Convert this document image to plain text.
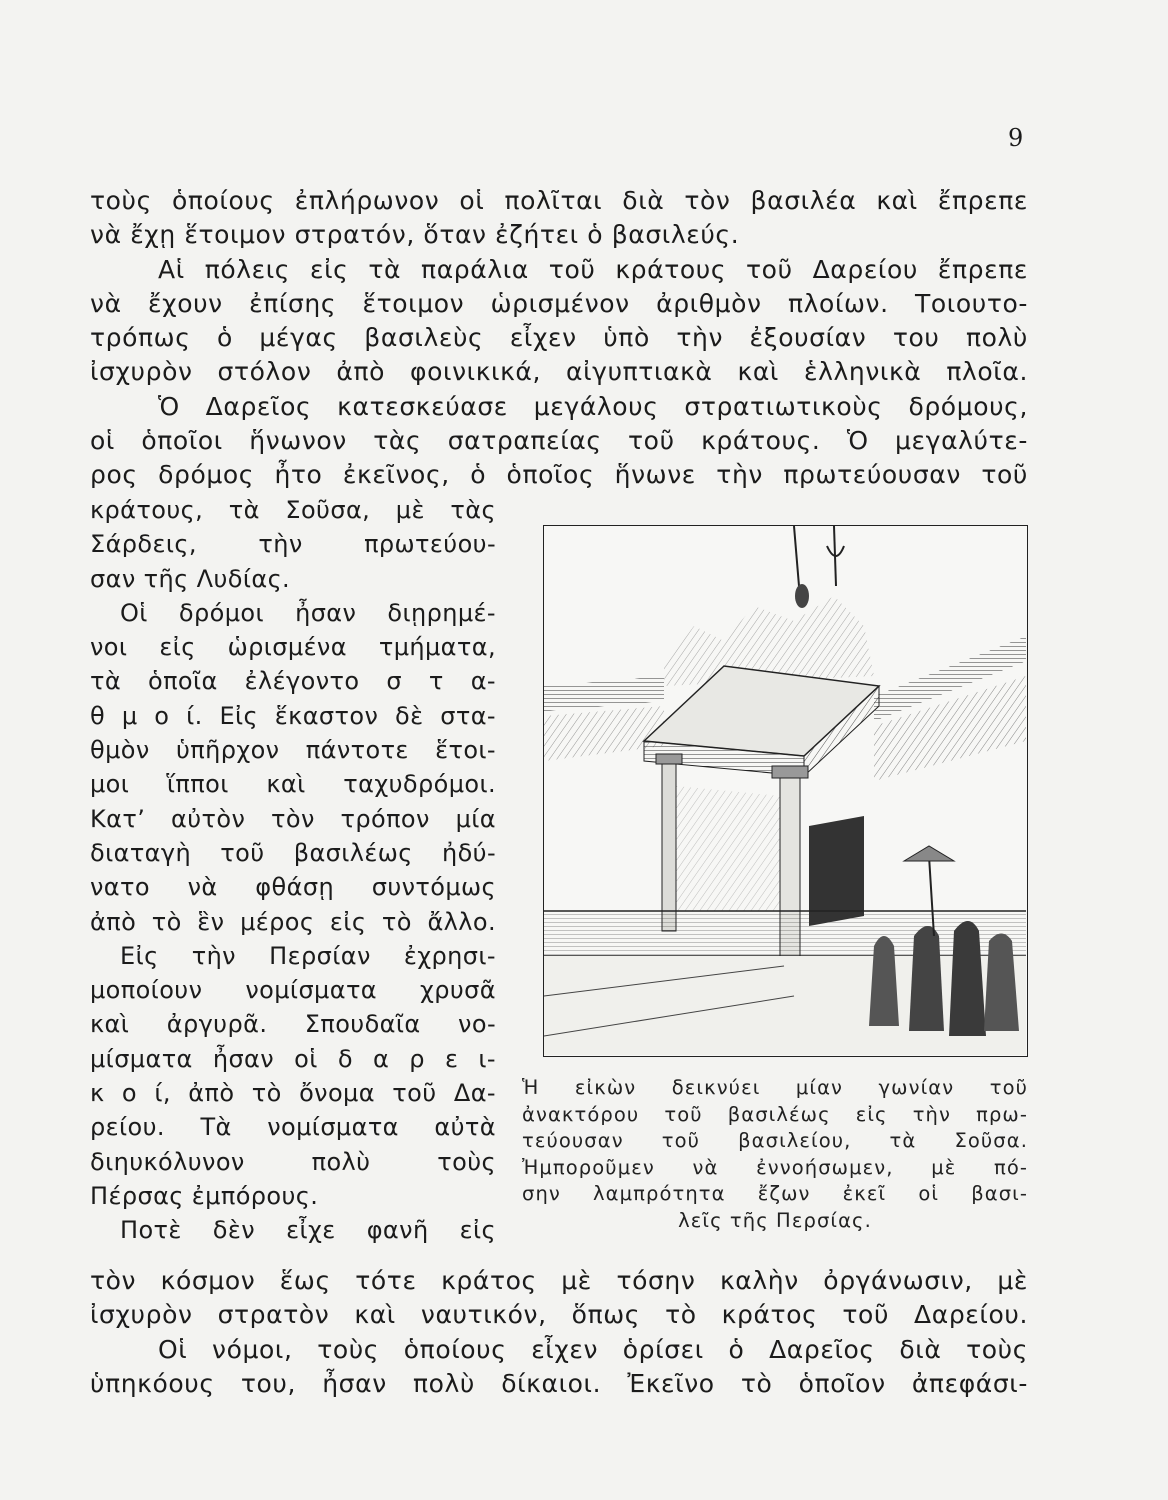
9
τοὺς ὁποίους ἐπλήρωνον οἱ πολῖται διὰ τὸν βασιλέα καὶ ἔπρεπε
νὰ ἔχῃ ἕτοιμον στρατόν, ὅταν ἐζήτει ὁ βασιλεύς.
Αἱ πόλεις εἰς τὰ παράλια τοῦ κράτους τοῦ Δαρείου ἔπρεπε
νὰ ἔχουν ἐπίσης ἕτοιμον ὡρισμένον ἀριθμὸν πλοίων. Τοιουτο-
τρόπως ὁ μέγας βασιλεὺς εἶχεν ὑπὸ τὴν ἐξουσίαν του πολὺ
ἰσχυρὸν στόλον ἀπὸ φοινικικά, αἰγυπτιακὰ καὶ ἑλληνικὰ πλοῖα.
Ὁ Δαρεῖος κατεσκεύασε μεγάλους στρατιωτικοὺς δρόμους,
οἱ ὁποῖοι ἥνωνον τὰς σατραπείας τοῦ κράτους. Ὁ μεγαλύτε-
ρος δρόμος ἦτο ἐκεῖνος, ὁ ὁποῖος ἥνωνε τὴν πρωτεύουσαν τοῦ
κράτους, τὰ Σοῦσα, μὲ τὰς
Σάρδεις, τὴν πρωτεύου-
σαν τῆς Λυδίας.
Οἱ δρόμοι ἦσαν διῃρημέ-
νοι εἰς ὡρισμένα τμήματα,
τὰ ὁποῖα ἐλέγοντο σ τ α-
θ μ ο ί. Εἰς ἕκαστον δὲ στα-
θμὸν ὑπῆρχον πάντοτε ἕτοι-
μοι ἵπποι καὶ ταχυδρόμοι.
Κατ’ αὐτὸν τὸν τρόπον μία
διαταγὴ τοῦ βασιλέως ἠδύ-
νατο νὰ φθάσῃ συντόμως
ἀπὸ τὸ ἓν μέρος εἰς τὸ ἄλλο.
Εἰς τὴν Περσίαν ἐχρησι-
μοποίουν νομίσματα χρυσᾶ
καὶ ἀργυρᾶ. Σπουδαῖα νο-
μίσματα ἦσαν οἱ δ α ρ ε ι-
κ ο ί, ἀπὸ τὸ ὄνομα τοῦ Δα-
ρείου. Τὰ νομίσματα αὐτὰ
διηυκόλυνον πολὺ τοὺς
Πέρσας ἐμπόρους.
Ποτὲ δὲν εἶχε φανῆ εἰς
Ἡ εἰκὼν δεικνύει μίαν γωνίαν τοῦ
ἀνακτόρου τοῦ βασιλέως εἰς τὴν πρω-
τεύουσαν τοῦ βασιλείου, τὰ Σοῦσα.
Ἠμποροῦμεν νὰ ἐννοήσωμεν, μὲ πό-
σην λαμπρότητα ἔζων ἐκεῖ οἱ βασι-
λεῖς τῆς Περσίας.
τὸν κόσμον ἕως τότε κράτος μὲ τόσην καλὴν ὀργάνωσιν, μὲ
ἰσχυρὸν στρατὸν καὶ ναυτικόν, ὅπως τὸ κράτος τοῦ Δαρείου.
Οἱ νόμοι, τοὺς ὁποίους εἶχεν ὁρίσει ὁ Δαρεῖος διὰ τοὺς
ὑπηκόους του, ἦσαν πολὺ δίκαιοι. Ἐκεῖνο τὸ ὁποῖον ἀπεφάσι-
